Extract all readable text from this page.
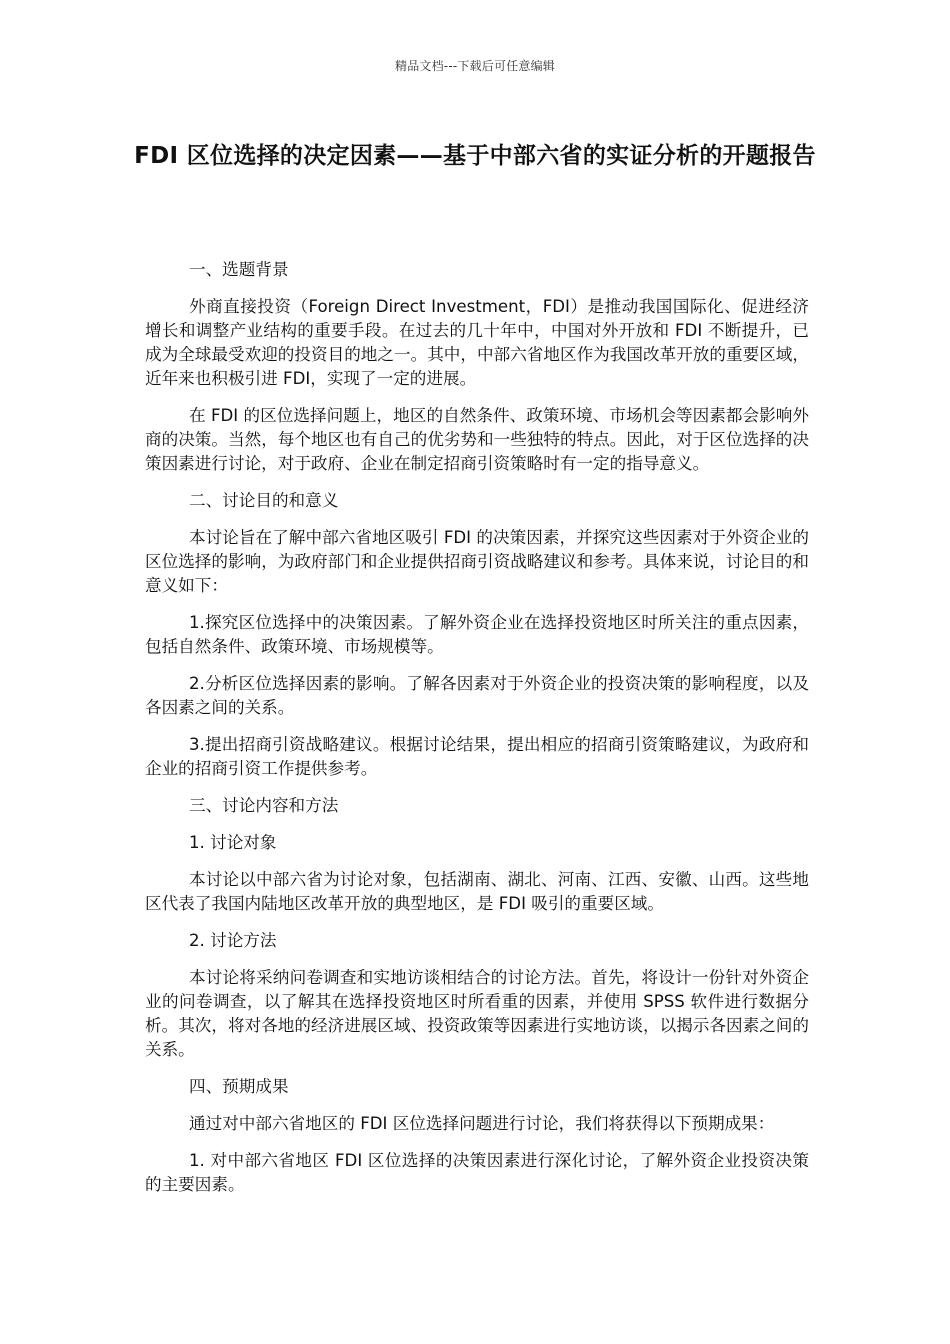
精品文档---下载后可任意编辑
FDI 区位选择的决定因素——基于中部六省的实证分析的开题报告

一、选题背景

外商直接投资（Foreign Direct Investment，FDI）是推动我国国际化、促进经济增长和调整产业结构的重要手段。在过去的几十年中，中国对外开放和 FDI 不断提升，已成为全球最受欢迎的投资目的地之一。其中，中部六省地区作为我国改革开放的重要区域，近年来也积极引进 FDI，实现了一定的进展。

在 FDI 的区位选择问题上，地区的自然条件、政策环境、市场机会等因素都会影响外商的决策。当然，每个地区也有自己的优劣势和一些独特的特点。因此，对于区位选择的决策因素进行讨论，对于政府、企业在制定招商引资策略时有一定的指导意义。

二、讨论目的和意义

本讨论旨在了解中部六省地区吸引 FDI 的决策因素，并探究这些因素对于外资企业的区位选择的影响，为政府部门和企业提供招商引资战略建议和参考。具体来说，讨论目的和意义如下：

1.探究区位选择中的决策因素。了解外资企业在选择投资地区时所关注的重点因素，包括自然条件、政策环境、市场规模等。

2.分析区位选择因素的影响。了解各因素对于外资企业的投资决策的影响程度，以及各因素之间的关系。

3.提出招商引资战略建议。根据讨论结果，提出相应的招商引资策略建议，为政府和企业的招商引资工作提供参考。

三、讨论内容和方法

1. 讨论对象

本讨论以中部六省为讨论对象，包括湖南、湖北、河南、江西、安徽、山西。这些地区代表了我国内陆地区改革开放的典型地区，是 FDI 吸引的重要区域。

2. 讨论方法

本讨论将采纳问卷调查和实地访谈相结合的讨论方法。首先，将设计一份针对外资企业的问卷调查，以了解其在选择投资地区时所看重的因素，并使用 SPSS 软件进行数据分析。其次，将对各地的经济进展区域、投资政策等因素进行实地访谈，以揭示各因素之间的关系。

四、预期成果

通过对中部六省地区的 FDI 区位选择问题进行讨论，我们将获得以下预期成果：

1. 对中部六省地区 FDI 区位选择的决策因素进行深化讨论，了解外资企业投资决策的主要因素。
